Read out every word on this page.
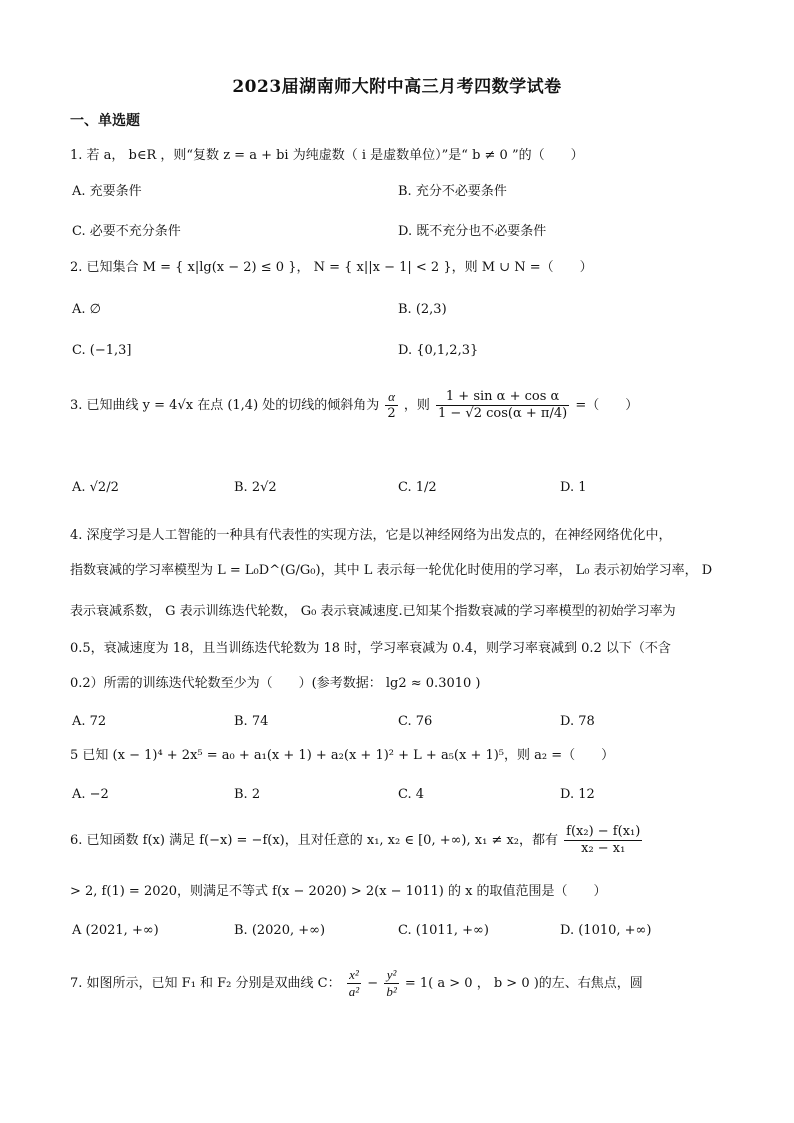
2023届湖南师大附中高三月考四数学试卷
一、单选题
1. 若 a， b∈R ，则“复数 z = a + bi 为纯虚数（ i 是虚数单位）”是“ b ≠ 0 ”的（　　）
A. 充要条件	B. 充分不必要条件
C. 必要不充分条件	D. 既不充分也不必要条件
2. 已知集合 M = { x|lg(x − 2) ≤ 0 }， N = { x||x − 1| < 2 }，则 M ∪ N =（　　）
A. ∅	B. (2,3)
C. (−1,3]	D. {0,1,2,3}
3. 已知曲线 y = 4√x 在点 (1,4) 处的切线的倾斜角为 $\frac{\alpha}{2}$ ，则 $\frac{\text{1 + sin α + cos α}}{1 - √2 \cos(\alpha + \pi/4)}$ =（　　）
A. √2/2	B. 2√2	C. 1/2	D. 1
4. 深度学习是人工智能的一种具有代表性的实现方法，它是以神经网络为出发点的，在神经网络优化中，
指数衰减的学习率模型为 L = L₀D^(G/G₀)，其中 L 表示每一轮优化时使用的学习率， L₀ 表示初始学习率， D
表示衰减系数， G 表示训练迭代轮数， G₀ 表示衰减速度.已知某个指数衰减的学习率模型的初始学习率为
0.5，衰减速度为 18，且当训练迭代轮数为 18 时，学习率衰减为 0.4，则学习率衰减到 0.2 以下（不含
0.2）所需的训练迭代轮数至少为（　　）(参考数据： lg2 ≈ 0.3010 )
A. 72	B. 74	C. 76	D. 78
5 已知 (x − 1)⁴ + 2x⁵ = a₀ + a₁(x + 1) + a₂(x + 1)² + L + a₅(x + 1)⁵，则 a₂ =（　　）
A. −2	B. 2	C. 4	D. 12
6. 已知函数 f(x) 满足 f(−x) = −f(x)，且对任意的 x₁, x₂ ∈ [0, +∞), x₁ ≠ x₂，都有 $\frac{\text{f(x₂) − f(x₁)}}{\text{x₂ − x₁}}$
> 2, f(1) = 2020，则满足不等式 f(x − 2020) > 2(x − 1011) 的 x 的取值范围是（　　）
A (2021, +∞)	B. (2020, +∞)	C. (1011, +∞)	D. (1010, +∞)
7. 如图所示，已知 F₁ 和 F₂ 分别是双曲线 C： $\frac{\text{x²}}{\text{a²}} - \frac{\text{y²}}{\text{b²}} = 1$( a > 0 ， b > 0 )的左、右焦点，圆
